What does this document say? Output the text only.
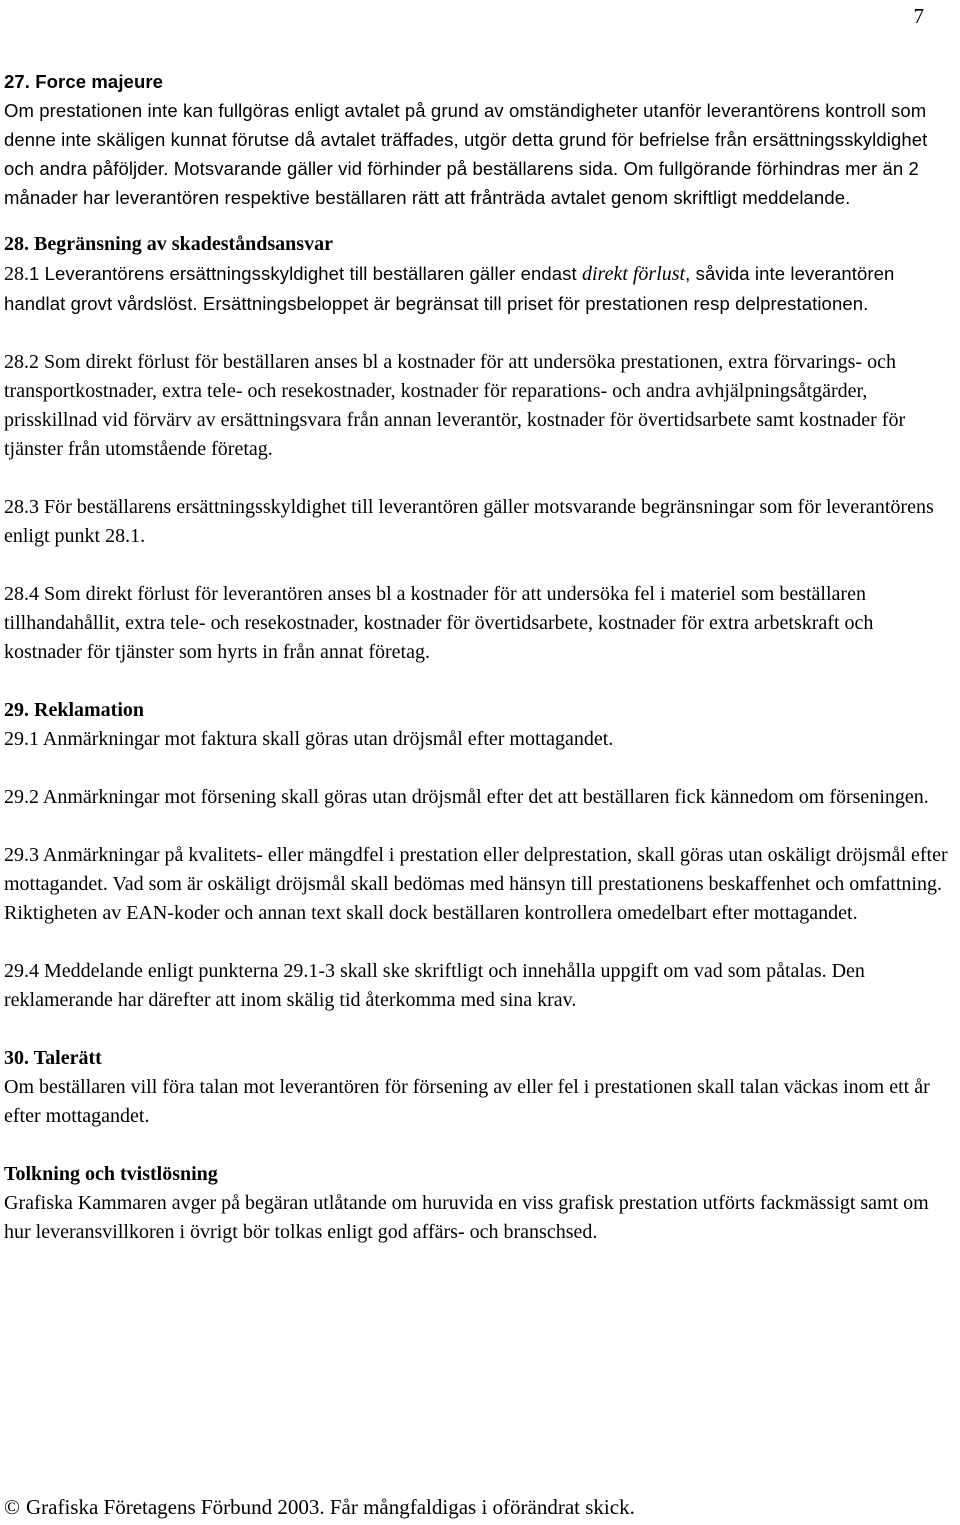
7
27. Force majeure

Om prestationen inte kan fullgöras enligt avtalet på grund av omständigheter utanför leverantörens kontroll som denne inte skäligen kunnat förutse då avtalet träffades, utgör detta grund för befrielse från ersättningsskyldighet och andra påföljder. Motsvarande gäller vid förhinder på beställarens sida. Om fullgörande förhindras mer än 2 månader har leverantören respektive beställaren rätt att frånträda avtalet genom skriftligt meddelande.

28. Begränsning av skadeståndsansvar

28.1 Leverantörens ersättningsskyldighet till beställaren gäller endast direkt förlust, såvida inte leverantören handlat grovt vårdslöst. Ersättningsbeloppet är begränsat till priset för prestationen resp delprestationen.

28.2 Som direkt förlust för beställaren anses bl a kostnader för att undersöka prestationen, extra förvarings- och transportkostnader, extra tele- och resekostnader, kostnader för reparations- och andra avhjälpningsåtgärder, prisskillnad vid förvärv av ersättningsvara från annan leverantör, kostnader för övertidsarbete samt kostnader för tjänster från utomstående företag.

28.3 För beställarens ersättningsskyldighet till leverantören gäller motsvarande begränsningar som för leverantörens enligt punkt 28.1.

28.4 Som direkt förlust för leverantören anses bl a kostnader för att undersöka fel i materiel som beställaren tillhandahållit, extra tele- och resekostnader, kostnader för övertidsarbete, kostnader för extra arbetskraft och kostnader för tjänster som hyrts in från annat företag.

29. Reklamation

29.1 Anmärkningar mot faktura skall göras utan dröjsmål efter mottagandet.

29.2 Anmärkningar mot försening skall göras utan dröjsmål efter det att beställaren fick kännedom om förseningen.

29.3 Anmärkningar på kvalitets- eller mängdfel i prestation eller delprestation, skall göras utan oskäligt dröjsmål efter mottagandet. Vad som är oskäligt dröjsmål skall bedömas med hänsyn till prestationens beskaffenhet och omfattning. Riktigheten av EAN-koder och annan text skall dock beställaren kontrollera omedelbart efter mottagandet.

29.4 Meddelande enligt punkterna 29.1-3 skall ske skriftligt och innehålla uppgift om vad som påtalas. Den reklamerande har därefter att inom skälig tid återkomma med sina krav.

30. Talerätt

Om beställaren vill föra talan mot leverantören för försening av eller fel i prestationen skall talan väckas inom ett år efter mottagandet.

Tolkning och tvistlösning

Grafiska Kammaren avger på begäran utlåtande om huruvida en viss grafisk prestation utförts fackmässigt samt om hur leveransvillkoren i övrigt bör tolkas enligt god affärs- och branschsed.

© Grafiska Företagens Förbund 2003. Får mångfaldigas i oförändrat skick.
